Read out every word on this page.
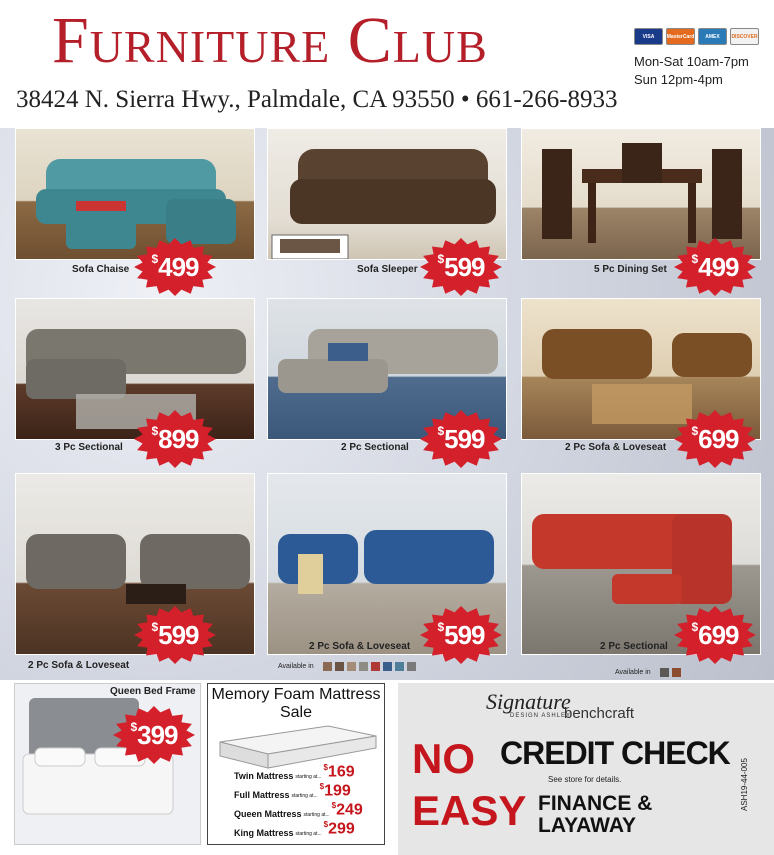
Furniture Club
38424 N. Sierra Hwy., Palmdale, CA 93550 • 661-266-8933
VISA	MasterCard	AMEX	DISCOVER
Mon-Sat 10am-7pm
Sun 12pm-4pm
Sofa Chaise	Sofa Sleeper	5 Pc Dining Set
3 Pc Sectional	2 Pc Sectional	2 Pc Sofa & Loveseat
2 Pc Sofa & Loveseat
2 Pc Sofa & Loveseat	2 Pc Sectional
Available in
Available in
$ 499	$ 599	$ 499
$ 899	$ 599	$ 699
$ 599	$ 599	$ 699
Queen Bed Frame
$ 399
Memory Foam Mattress Sale
Twin Mattress starting at...
$169
Full Mattress starting at...
$199
Queen Mattress starting at...
$249
King Mattress starting at...
$299
Signature
DESIGN ASHLEY
benchcraft
NO CREDIT CHECK
See store for details.
EASY FINANCE &
LAYAWAY
ASH19-44-005
